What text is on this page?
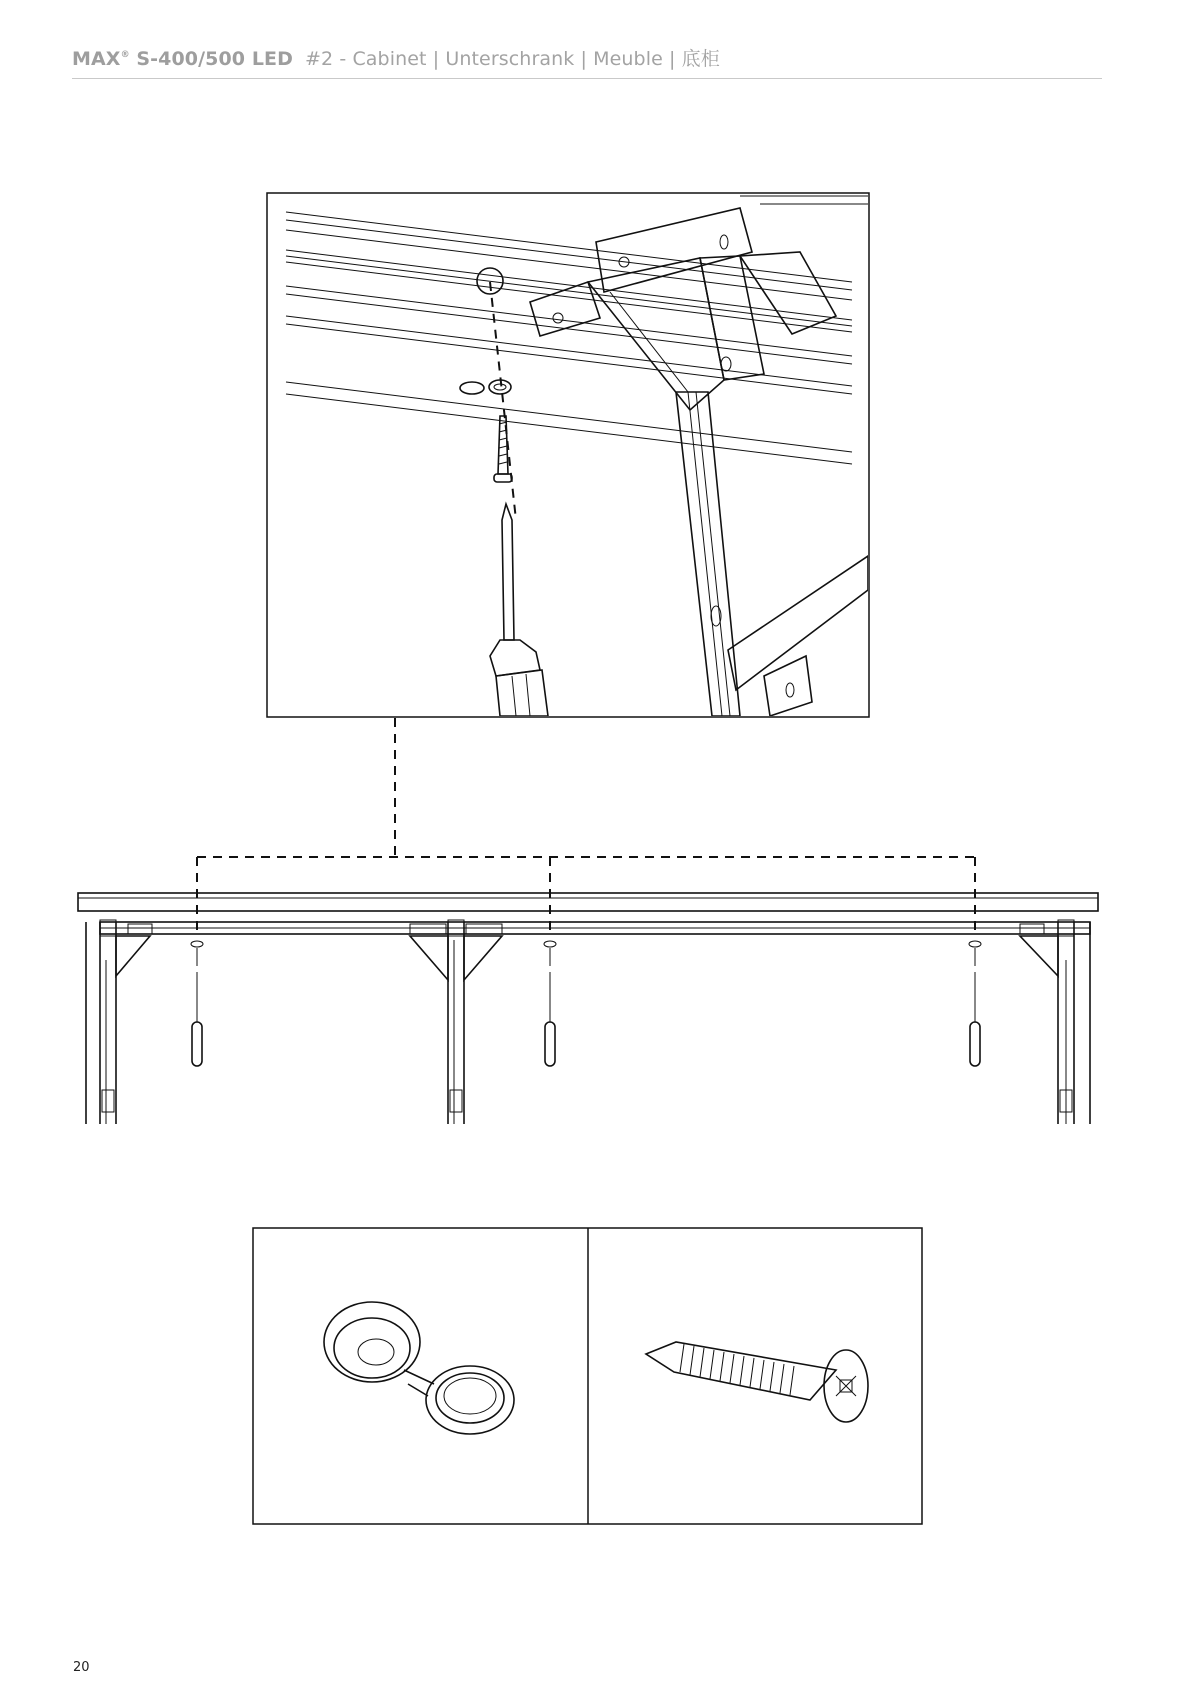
MAX® S-400/500 LED #2 - Cabinet | Unterschrank | Meuble | 底柜
20
